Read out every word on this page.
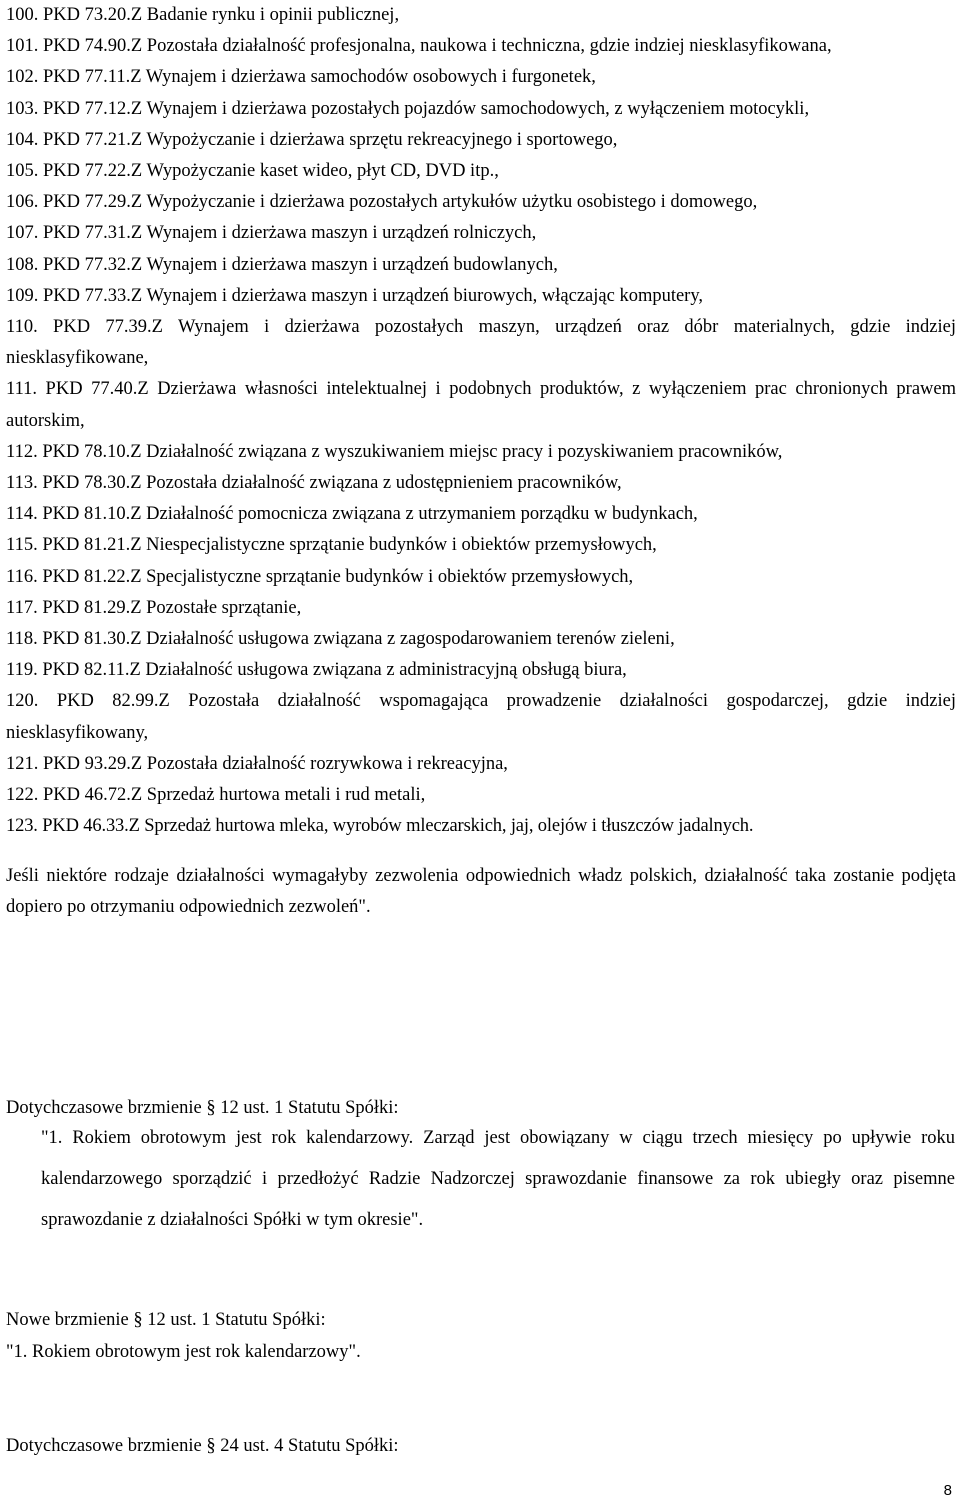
100. PKD 73.20.Z Badanie rynku i opinii publicznej,
101. PKD 74.90.Z Pozostała działalność profesjonalna, naukowa i techniczna, gdzie indziej niesklasyfikowana,
102. PKD 77.11.Z Wynajem i dzierżawa samochodów osobowych i furgonetek,
103. PKD 77.12.Z Wynajem i dzierżawa pozostałych pojazdów samochodowych, z wyłączeniem motocykli,
104. PKD 77.21.Z Wypożyczanie i dzierżawa sprzętu rekreacyjnego i sportowego,
105. PKD 77.22.Z Wypożyczanie kaset wideo, płyt CD, DVD itp.,
106. PKD 77.29.Z Wypożyczanie i dzierżawa pozostałych artykułów użytku osobistego i domowego,
107. PKD 77.31.Z Wynajem i dzierżawa maszyn i urządzeń rolniczych,
108. PKD 77.32.Z Wynajem i dzierżawa maszyn i urządzeń budowlanych,
109. PKD 77.33.Z Wynajem i dzierżawa maszyn i urządzeń biurowych, włączając komputery,
110. PKD 77.39.Z Wynajem i dzierżawa pozostałych maszyn, urządzeń oraz dóbr materialnych, gdzie indziej niesklasyfikowane,
111. PKD 77.40.Z Dzierżawa własności intelektualnej i podobnych produktów, z wyłączeniem prac chronionych prawem autorskim,
112. PKD 78.10.Z Działalność związana z wyszukiwaniem miejsc pracy i pozyskiwaniem pracowników,
113. PKD 78.30.Z Pozostała działalność związana z udostępnieniem pracowników,
114. PKD 81.10.Z Działalność pomocnicza związana z utrzymaniem porządku w budynkach,
115. PKD 81.21.Z Niespecjalistyczne sprzątanie budynków i obiektów przemysłowych,
116. PKD 81.22.Z Specjalistyczne sprzątanie budynków i obiektów przemysłowych,
117. PKD 81.29.Z Pozostałe sprzątanie,
118. PKD 81.30.Z Działalność usługowa związana z zagospodarowaniem terenów zieleni,
119. PKD 82.11.Z Działalność usługowa związana z administracyjną obsługą biura,
120. PKD 82.99.Z Pozostała działalność wspomagająca prowadzenie działalności gospodarczej, gdzie indziej niesklasyfikowany,
121. PKD 93.29.Z Pozostała działalność rozrywkowa i rekreacyjna,
122. PKD 46.72.Z Sprzedaż hurtowa metali i rud metali,
123. PKD 46.33.Z Sprzedaż hurtowa mleka, wyrobów mleczarskich, jaj, olejów i tłuszczów jadalnych.
Jeśli niektóre rodzaje działalności wymagałyby zezwolenia odpowiednich władz polskich, działalność taka zostanie podjęta dopiero po otrzymaniu odpowiednich zezwoleń".
Dotychczasowe brzmienie § 12 ust. 1 Statutu Spółki:
"1. Rokiem obrotowym jest rok kalendarzowy. Zarząd jest obowiązany w ciągu trzech miesięcy po upływie roku kalendarzowego sporządzić i przedłożyć Radzie Nadzorczej sprawozdanie finansowe za rok ubiegły oraz pisemne sprawozdanie z działalności Spółki w tym okresie".
Nowe brzmienie § 12 ust. 1 Statutu Spółki:
"1. Rokiem obrotowym jest rok kalendarzowy".
Dotychczasowe brzmienie § 24 ust. 4 Statutu Spółki:
8
